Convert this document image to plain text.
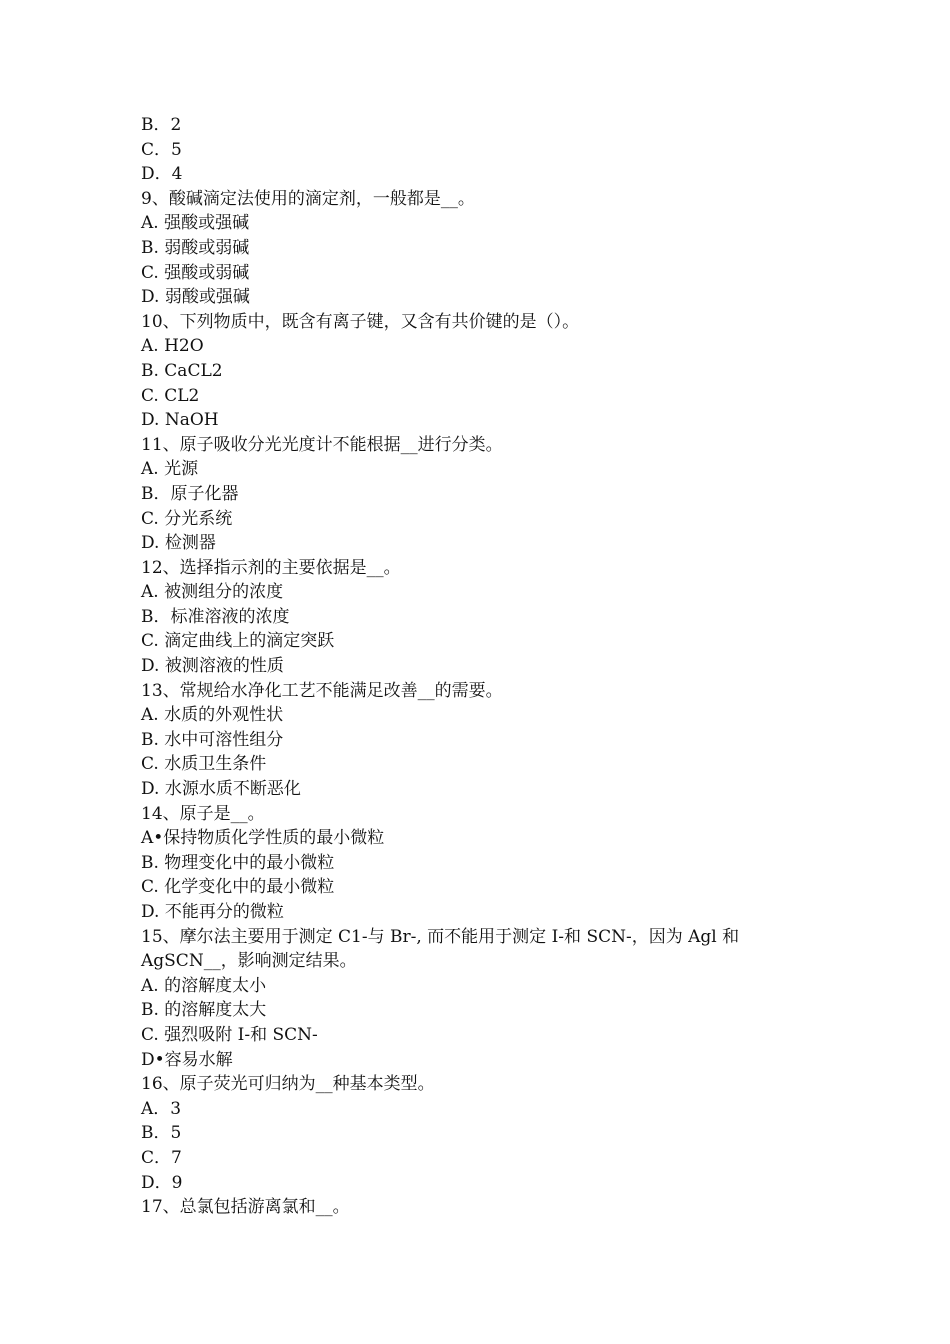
B．2
C．5
D．4
9、酸碱滴定法使用的滴定剂，一般都是__。
A. 强酸或强碱
B. 弱酸或弱碱
C. 强酸或弱碱
D. 弱酸或强碱
10、下列物质中，既含有离子键，又含有共价键的是（）。
A. H2O
B. CaCL2
C. CL2
D. NaOH
11、原子吸收分光光度计不能根据__进行分类。
A. 光源
B．原子化器
C. 分光系统
D. 检测器
12、选择指示剂的主要依据是__。
A. 被测组分的浓度
B．标准溶液的浓度
C. 滴定曲线上的滴定突跃
D. 被测溶液的性质
13、常规给水净化工艺不能满足改善__的需要。
A. 水质的外观性状
B. 水中可溶性组分
C. 水质卫生条件
D. 水源水质不断恶化
14、原子是__。
A•保持物质化学性质的最小微粒
B. 物理变化中的最小微粒
C. 化学变化中的最小微粒
D. 不能再分的微粒
15、摩尔法主要用于测定 C1-与 Br-, 而不能用于测定 I-和 SCN-，因为 Agl 和
AgSCN__，影响测定结果。
A. 的溶解度太小
B. 的溶解度太大
C. 强烈吸附 I-和 SCN-
D•容易水解
16、原子荧光可归纳为__种基本类型。
A．3
B．5
C．7
D．9
17、总氯包括游离氯和__。
